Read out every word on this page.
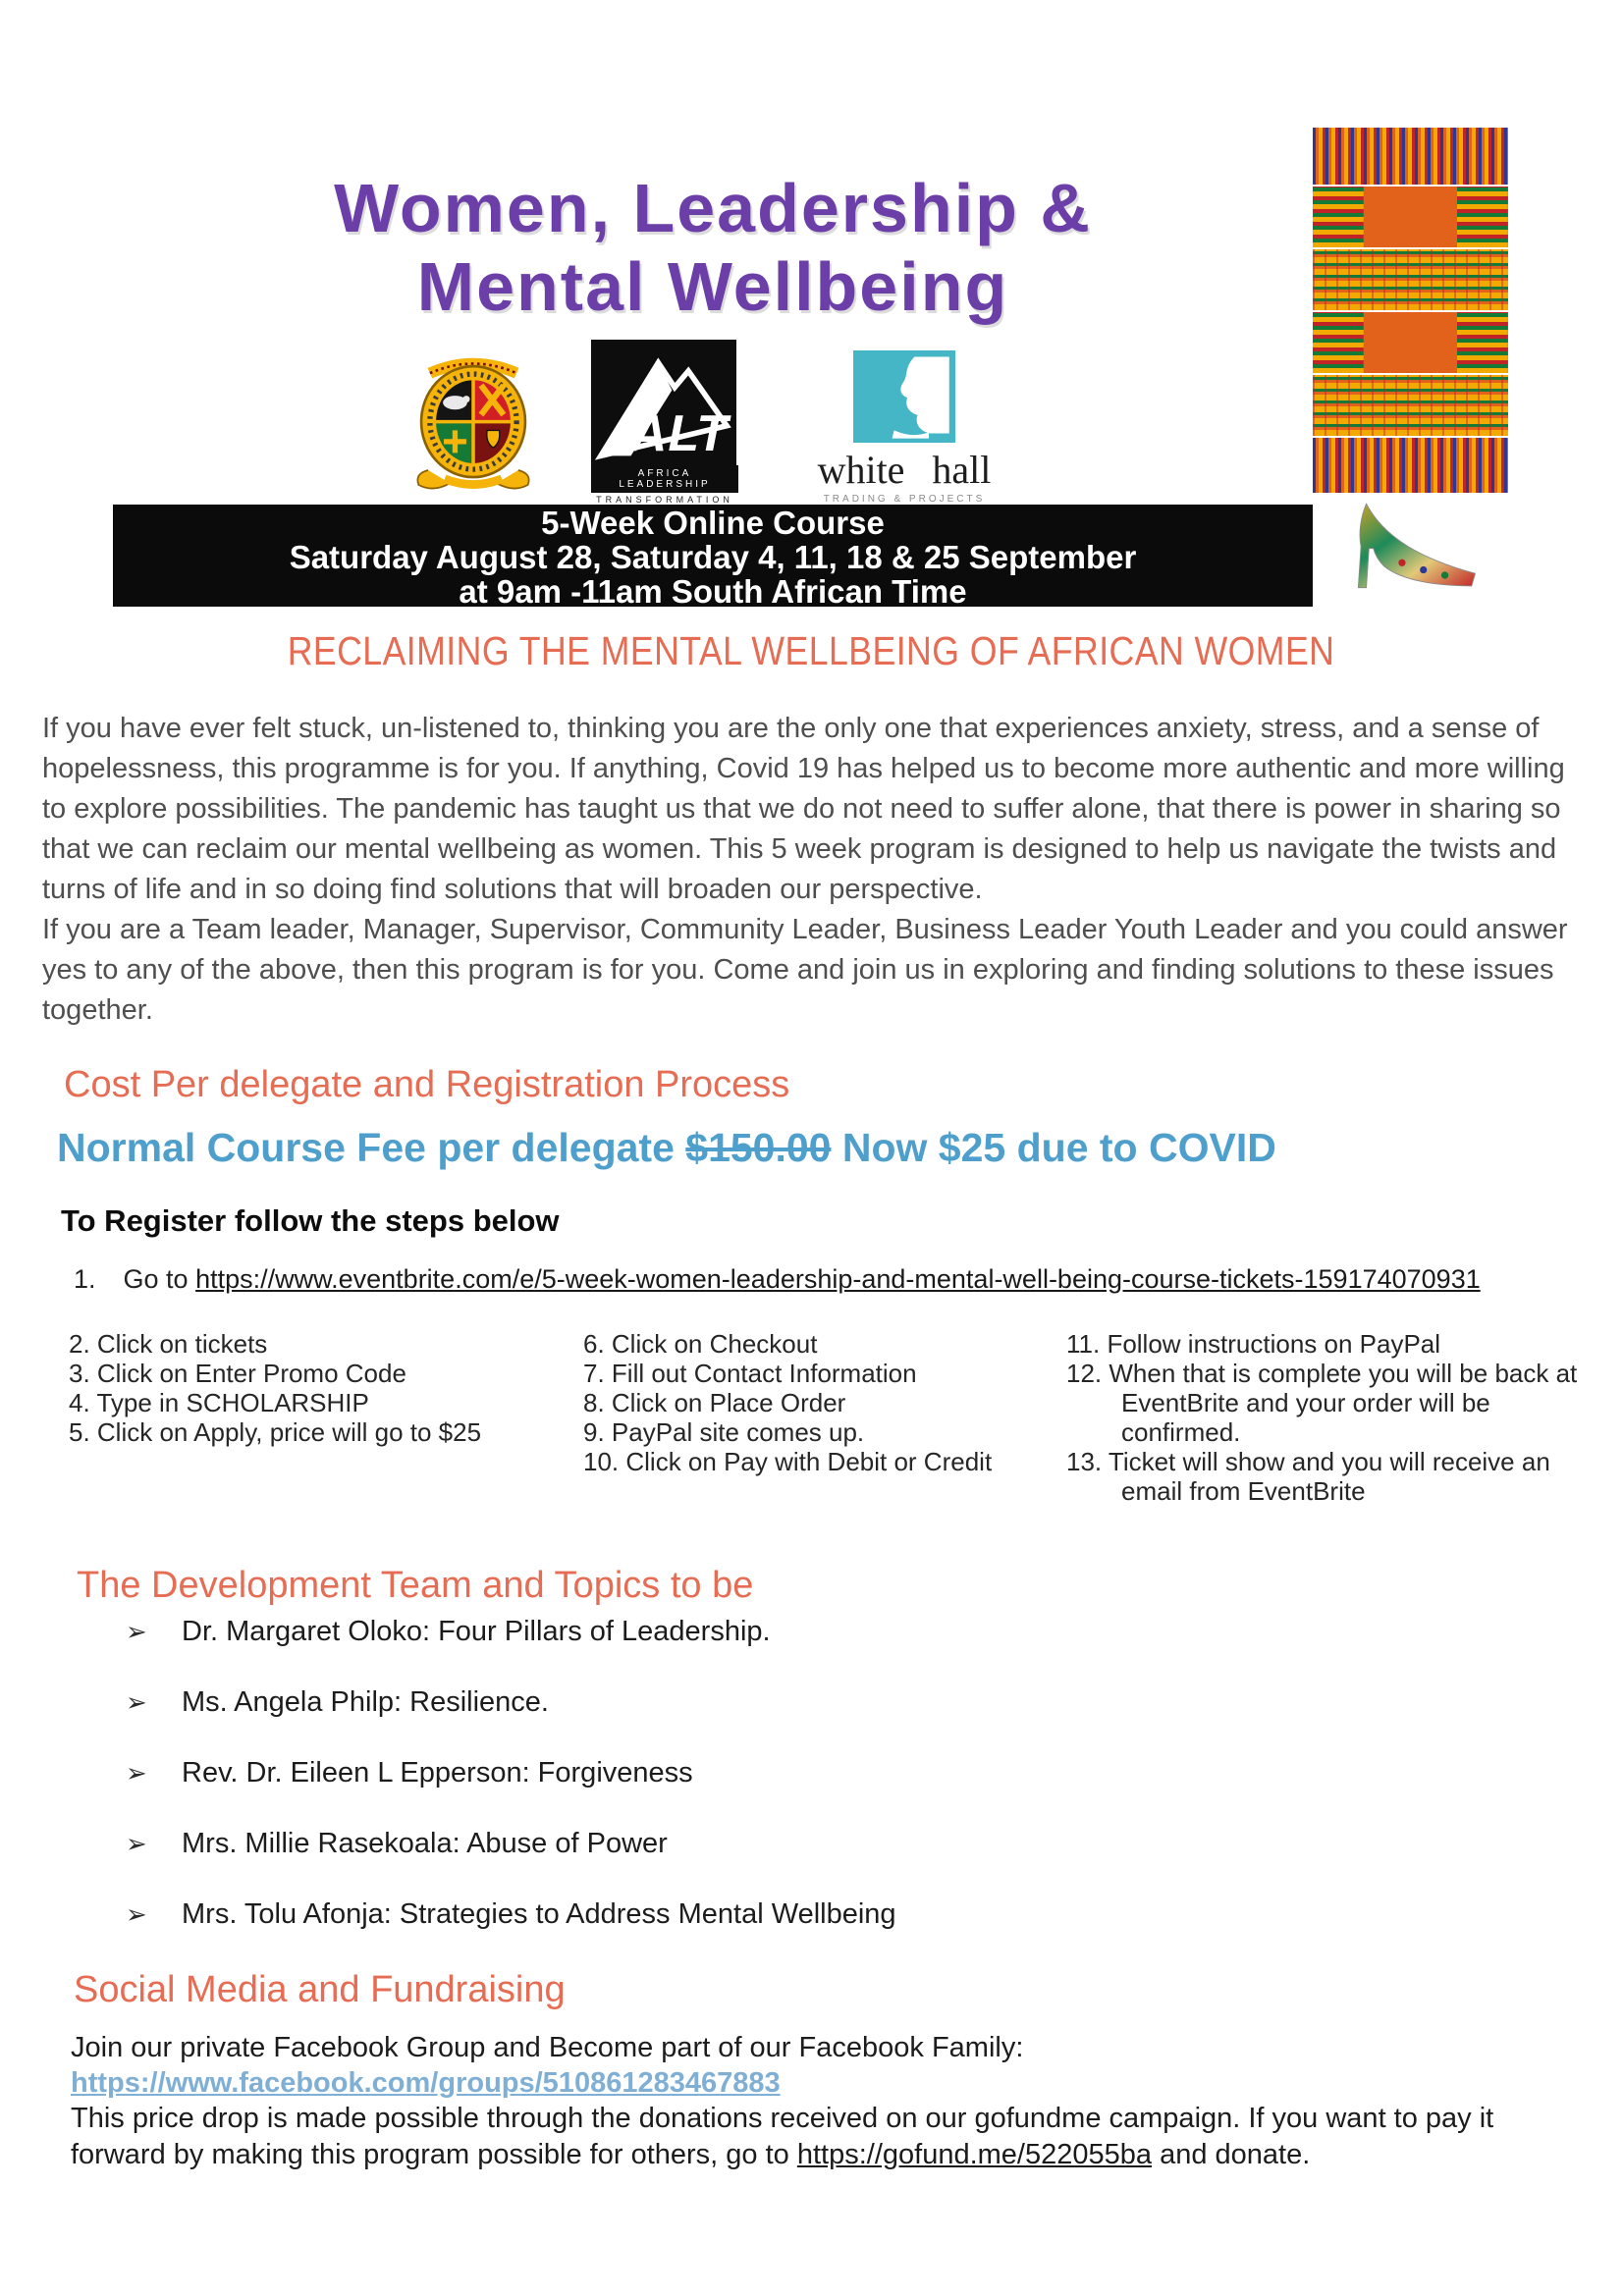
Women, Leadership &
Mental Wellbeing
ALT
AFRICA LEADERSHIP
TRANSFORMATION
white hall
TRADING & PROJECTS
5-Week Online Course
Saturday August 28, Saturday 4, 11, 18 & 25 September
at 9am -11am South African Time
RECLAIMING THE MENTAL WELLBEING OF AFRICAN WOMEN

If you have ever felt stuck, un-listened to, thinking you are the only one that experiences anxiety, stress, and a sense of hopelessness, this programme is for you. If anything, Covid 19 has helped us to become more authentic and more willing to explore possibilities. The pandemic has taught us that we do not need to suffer alone, that there is power in sharing so that we can reclaim our mental wellbeing as women. This 5 week program is designed to help us navigate the twists and turns of life and in so doing find solutions that will broaden our perspective.

If you are a Team leader, Manager, Supervisor, Community Leader, Business Leader Youth Leader and you could answer yes to any of the above, then this program is for you. Come and join us in exploring and finding solutions to these issues together.

Cost Per delegate and Registration Process
Normal Course Fee per delegate $150.00 Now $25 due to COVID
To Register follow the steps below
1. Go to https://www.eventbrite.com/e/5-week-women-leadership-and-mental-well-being-course-tickets-159174070931
2. Click on tickets
3. Click on Enter Promo Code
4. Type in SCHOLARSHIP
5. Click on Apply, price will go to $25
6. Click on Checkout
7. Fill out Contact Information
8. Click on Place Order
9. PayPal site comes up.
10. Click on Pay with Debit or Credit
11. Follow instructions on PayPal
12. When that is complete you will be back at EventBrite and your order will be confirmed.
13. Ticket will show and you will receive an email from EventBrite
The Development Team and Topics to be
➢ Dr. Margaret Oloko: Four Pillars of Leadership.
➢ Ms. Angela Philp: Resilience.
➢ Rev. Dr. Eileen L Epperson: Forgiveness
➢ Mrs. Millie Rasekoala: Abuse of Power
➢ Mrs. Tolu Afonja: Strategies to Address Mental Wellbeing
Social Media and Fundraising
Join our private Facebook Group and Become part of our Facebook Family:
https://www.facebook.com/groups/510861283467883

This price drop is made possible through the donations received on our gofundme campaign. If you want to pay it forward by making this program possible for others, go to https://gofund.me/522055ba and donate.
